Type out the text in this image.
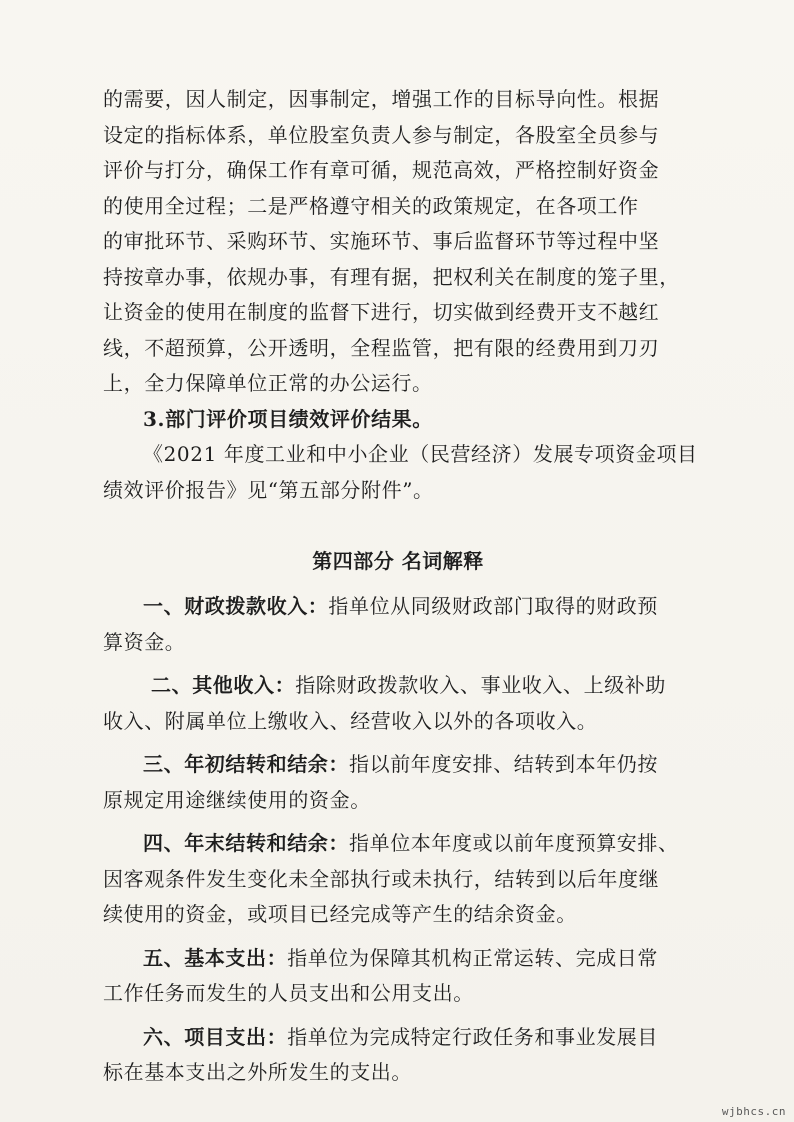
的需要，因人制定，因事制定，增强工作的目标导向性。根据
设定的指标体系，单位股室负责人参与制定，各股室全员参与
评价与打分，确保工作有章可循，规范高效，严格控制好资金
的使用全过程；二是严格遵守相关的政策规定，在各项工作
的审批环节、采购环节、实施环节、事后监督环节等过程中坚
持按章办事，依规办事，有理有据，把权利关在制度的笼子里，
让资金的使用在制度的监督下进行，切实做到经费开支不越红
线，不超预算，公开透明，全程监管，把有限的经费用到刀刃
上，全力保障单位正常的办公运行。
3.部门评价项目绩效评价结果。
《2021 年度工业和中小企业（民营经济）发展专项资金项目
绩效评价报告》见“第五部分附件”。
第四部分 名词解释
一、财政拨款收入：指单位从同级财政部门取得的财政预
算资金。
二、其他收入：指除财政拨款收入、事业收入、上级补助
收入、附属单位上缴收入、经营收入以外的各项收入。
三、年初结转和结余：指以前年度安排、结转到本年仍按
原规定用途继续使用的资金。
四、年末结转和结余：指单位本年度或以前年度预算安排、
因客观条件发生变化未全部执行或未执行，结转到以后年度继
续使用的资金，或项目已经完成等产生的结余资金。
五、基本支出：指单位为保障其机构正常运转、完成日常
工作任务而发生的人员支出和公用支出。
六、项目支出：指单位为完成特定行政任务和事业发展目
标在基本支出之外所发生的支出。
wjbhcs.cn
